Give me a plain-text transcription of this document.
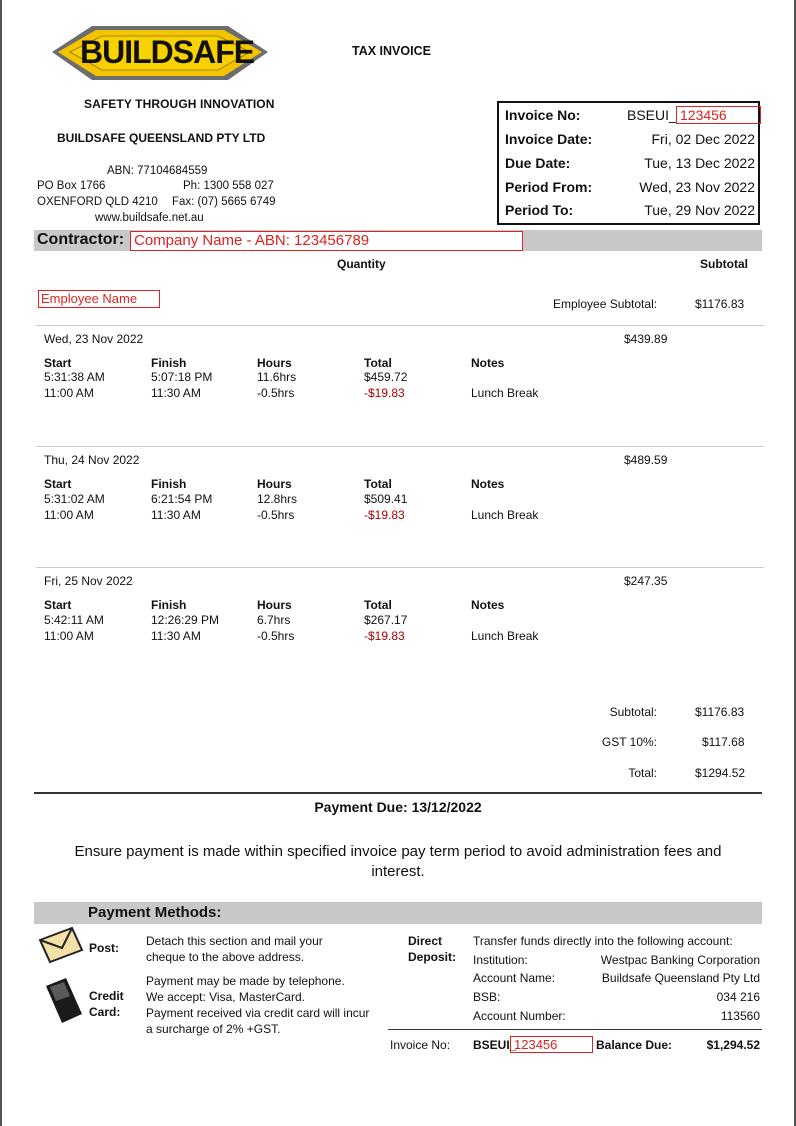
BUILDSAFE
SAFETY THROUGH INNOVATION
BUILDSAFE QUEENSLAND PTY LTD
ABN: 77104684559
PO Box 1766	Ph: 1300 558 027
OXENFORD QLD 4210 Fax: (07) 5665 6749
www.buildsafe.net.au
TAX INVOICE
Invoice No:	BSEUI_ 123456
Invoice Date:	Fri, 02 Dec 2022
Due Date:	Tue, 13 Dec 2022
Period From:	Wed, 23 Nov 2022
Period To:	Tue, 29 Nov 2022
Contractor: Company Name - ABN: 123456789
Quantity	Subtotal
Employee Name	Employee Subtotal:	$1176.83
Wed, 23 Nov 2022	$439.89
Start	Finish	Hours	Total	Notes
5:31:38 AM	5:07:18 PM	11.6hrs	$459.72
11:00 AM	11:30 AM	-0.5hrs	-$19.83	Lunch Break
Thu, 24 Nov 2022	$489.59
Start	Finish	Hours	Total	Notes
5:31:02 AM	6:21:54 PM	12.8hrs	$509.41
11:00 AM	11:30 AM	-0.5hrs	-$19.83	Lunch Break
Fri, 25 Nov 2022	$247.35
Start	Finish	Hours	Total	Notes
5:42:11 AM	12:26:29 PM	6.7hrs	$267.17
11:00 AM	11:30 AM	-0.5hrs	-$19.83	Lunch Break
Subtotal:	$1176.83
GST 10%:	$117.68
Total:	$1294.52
Payment Due: 13/12/2022
Ensure payment is made within specified invoice pay term period to avoid administration fees and interest.
Payment Methods:
Post: Detach this section and mail your
cheque to the above address.
Credit
Card:
Payment may be made by telephone.
We accept: Visa, MasterCard.
Payment received via credit card will incur
a surcharge of 2% +GST.
Direct
Deposit:
Transfer funds directly into the following account:
Institution:	Westpac Banking Corporation
Account Name:	Buildsafe Queensland Pty Ltd
BSB:	034 216
Account Number:	113560
Invoice No: BSEUI_
123456	Balance Due:	$1,294.52
